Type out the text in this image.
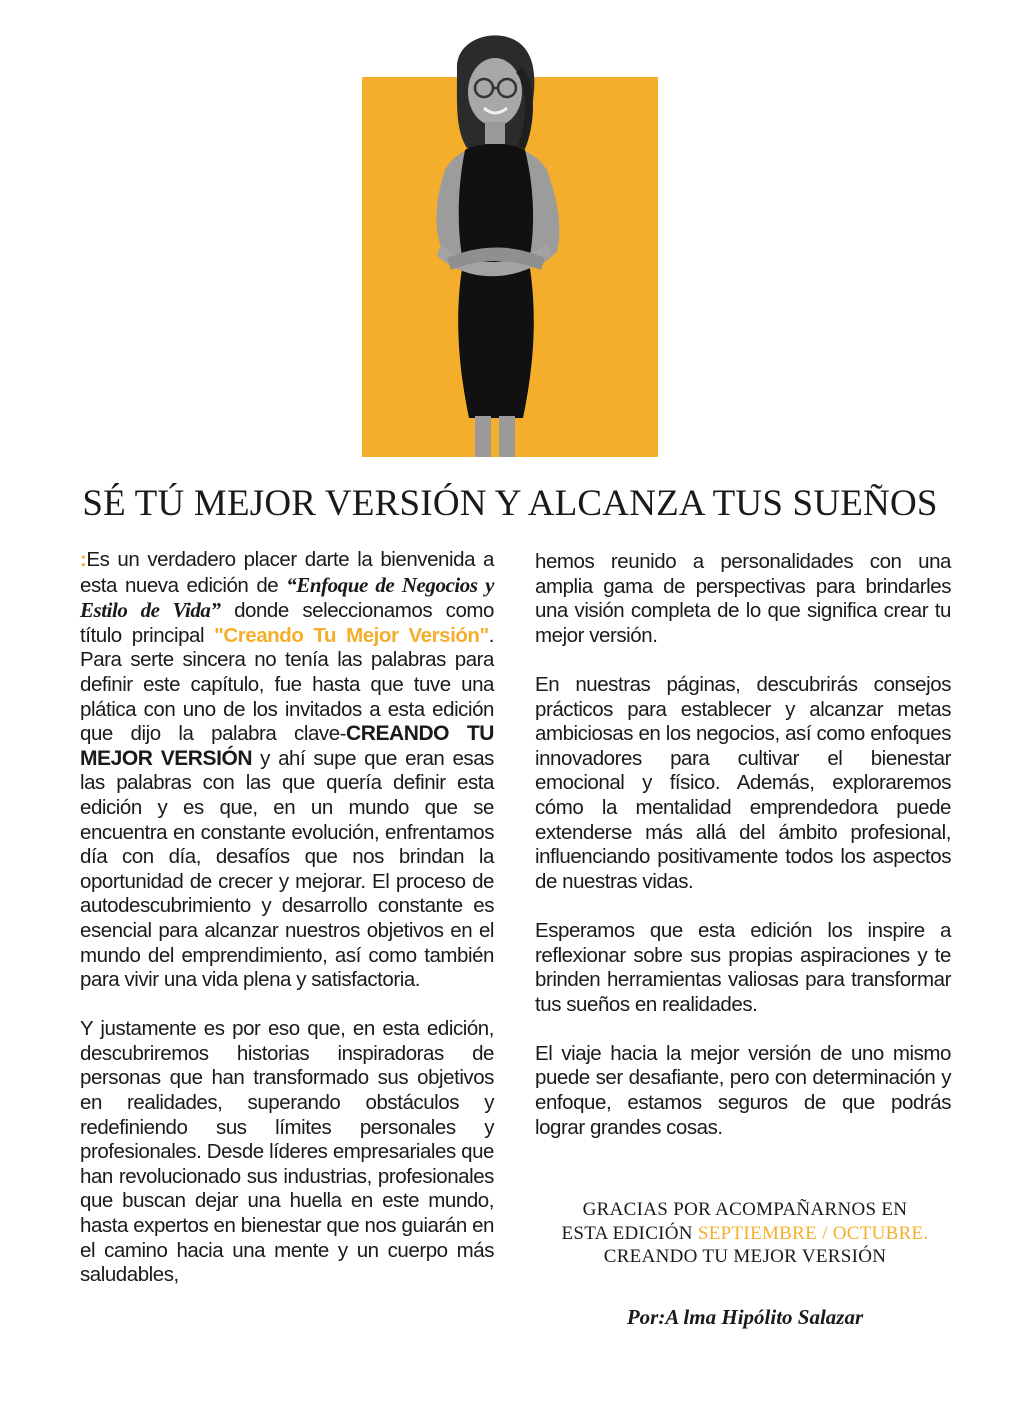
SÉ TÚ MEJOR VERSIÓN Y ALCANZA TUS SUEÑOS

:Es un verdadero placer darte la bienvenida a esta nueva edición de “Enfoque de Negocios y Estilo de Vida” donde seleccionamos como título principal "Creando Tu Mejor Versión". Para serte sincera no tenía las palabras para definir este capítulo, fue hasta que tuve una plática con uno de los invitados a esta edición que dijo la palabra clave-CREANDO TU MEJOR VERSIÓN y ahí supe que eran esas las palabras con las que quería definir esta edición y es que, en un mundo que se encuentra en constante evolución, enfrentamos día con día, desafíos que nos brindan la oportunidad de crecer y mejorar. El proceso de autodescubrimiento y desarrollo constante es esencial para alcanzar nuestros objetivos en el mundo del emprendimiento, así como también para vivir una vida plena y satisfactoria.

Y justamente es por eso que, en esta edición, descubriremos historias inspiradoras de personas que han transformado sus objetivos en realidades, superando obstáculos y redefiniendo sus límites personales y profesionales. Desde líderes empresariales que han revolucionado sus industrias, profesionales que buscan dejar una huella en este mundo, hasta expertos en bienestar que nos guiarán en el camino hacia una mente y un cuerpo más saludables,

hemos reunido a personalidades con una amplia gama de perspectivas para brindarles una visión completa de lo que significa crear tu mejor versión.

En nuestras páginas, descubrirás consejos prácticos para establecer y alcanzar metas ambiciosas en los negocios, así como enfoques innovadores para cultivar el bienestar emocional y físico. Además, exploraremos cómo la mentalidad emprendedora puede extenderse más allá del ámbito profesional, influenciando positivamente todos los aspectos de nuestras vidas.

Esperamos que esta edición los inspire a reflexionar sobre sus propias aspiraciones y te brinden herramientas valiosas para transformar tus sueños en realidades.

El viaje hacia la mejor versión de uno mismo puede ser desafiante, pero con determinación y enfoque, estamos seguros de que podrás lograr grandes cosas.

GRACIAS POR ACOMPAÑARNOS EN
ESTA EDICIÓN SEPTIEMBRE / OCTUBRE.
CREANDO TU MEJOR VERSIÓN
Por:A lma Hipólito Salazar
